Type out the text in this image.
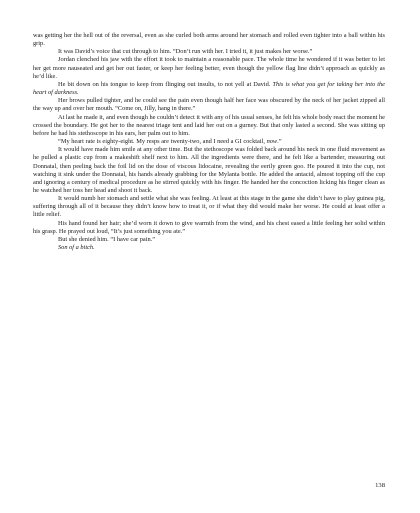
was getting her the hell out of the reversal, even as she curled both arms around her stomach and rolled even tighter into a ball within his grip.

It was David’s voice that cut through to him. “Don’t run with her. I tried it, it just makes her worse.”

Jordan clenched his jaw with the effort it took to maintain a reasonable pace. The whole time he wondered if it was better to let her get more nauseated and get her out faster, or keep her feeling better, even though the yellow flag line didn’t approach as quickly as he’d like.

He bit down on his tongue to keep from flinging out insults, to not yell at David. This is what you get for taking her into the heart of darkness.

Her brows pulled tighter, and he could see the pain even though half her face was obscured by the neck of her jacket zipped all the way up and over her mouth. “Come on, Jilly, hang in there.”

At last he made it, and even though he couldn’t detect it with any of his usual senses, he felt his whole body react the moment he crossed the boundary. He got her to the nearest triage tent and laid her out on a gurney. But that only lasted a second. She was sitting up before he had his stethoscope in his ears, her palm out to him.

“My heart rate is eighty-eight. My resps are twenty-two, and I need a GI cocktail, now.”

It would have made him smile at any other time. But the stethoscope was folded back around his neck in one fluid movement as he pulled a plastic cup from a makeshift shelf next to him. All the ingredients were there, and he felt like a bartender, measuring out Donnatal, then peeling back the foil lid on the dose of viscous lidocaine, revealing the eerily green goo. He poured it into the cup, not watching it sink under the Donnatal, his hands already grabbing for the Mylanta bottle. He added the antacid, almost topping off the cup and ignoring a century of medical procedure as he stirred quickly with his finger. He handed her the concoction licking his finger clean as he watched her toss her head and shoot it back.

It would numb her stomach and settle what she was feeling. At least at this stage in the game she didn’t have to play guinea pig, suffering through all of it because they didn’t know how to treat it, or if what they did would make her worse. He could at least offer a little relief.

His hand found her hair; she’d worn it down to give warmth from the wind, and his chest eased a little feeling her solid within his grasp. He prayed out loud, “It’s just something you ate.”

But she denied him. “I have car pain.”

Son of a bitch.

138
